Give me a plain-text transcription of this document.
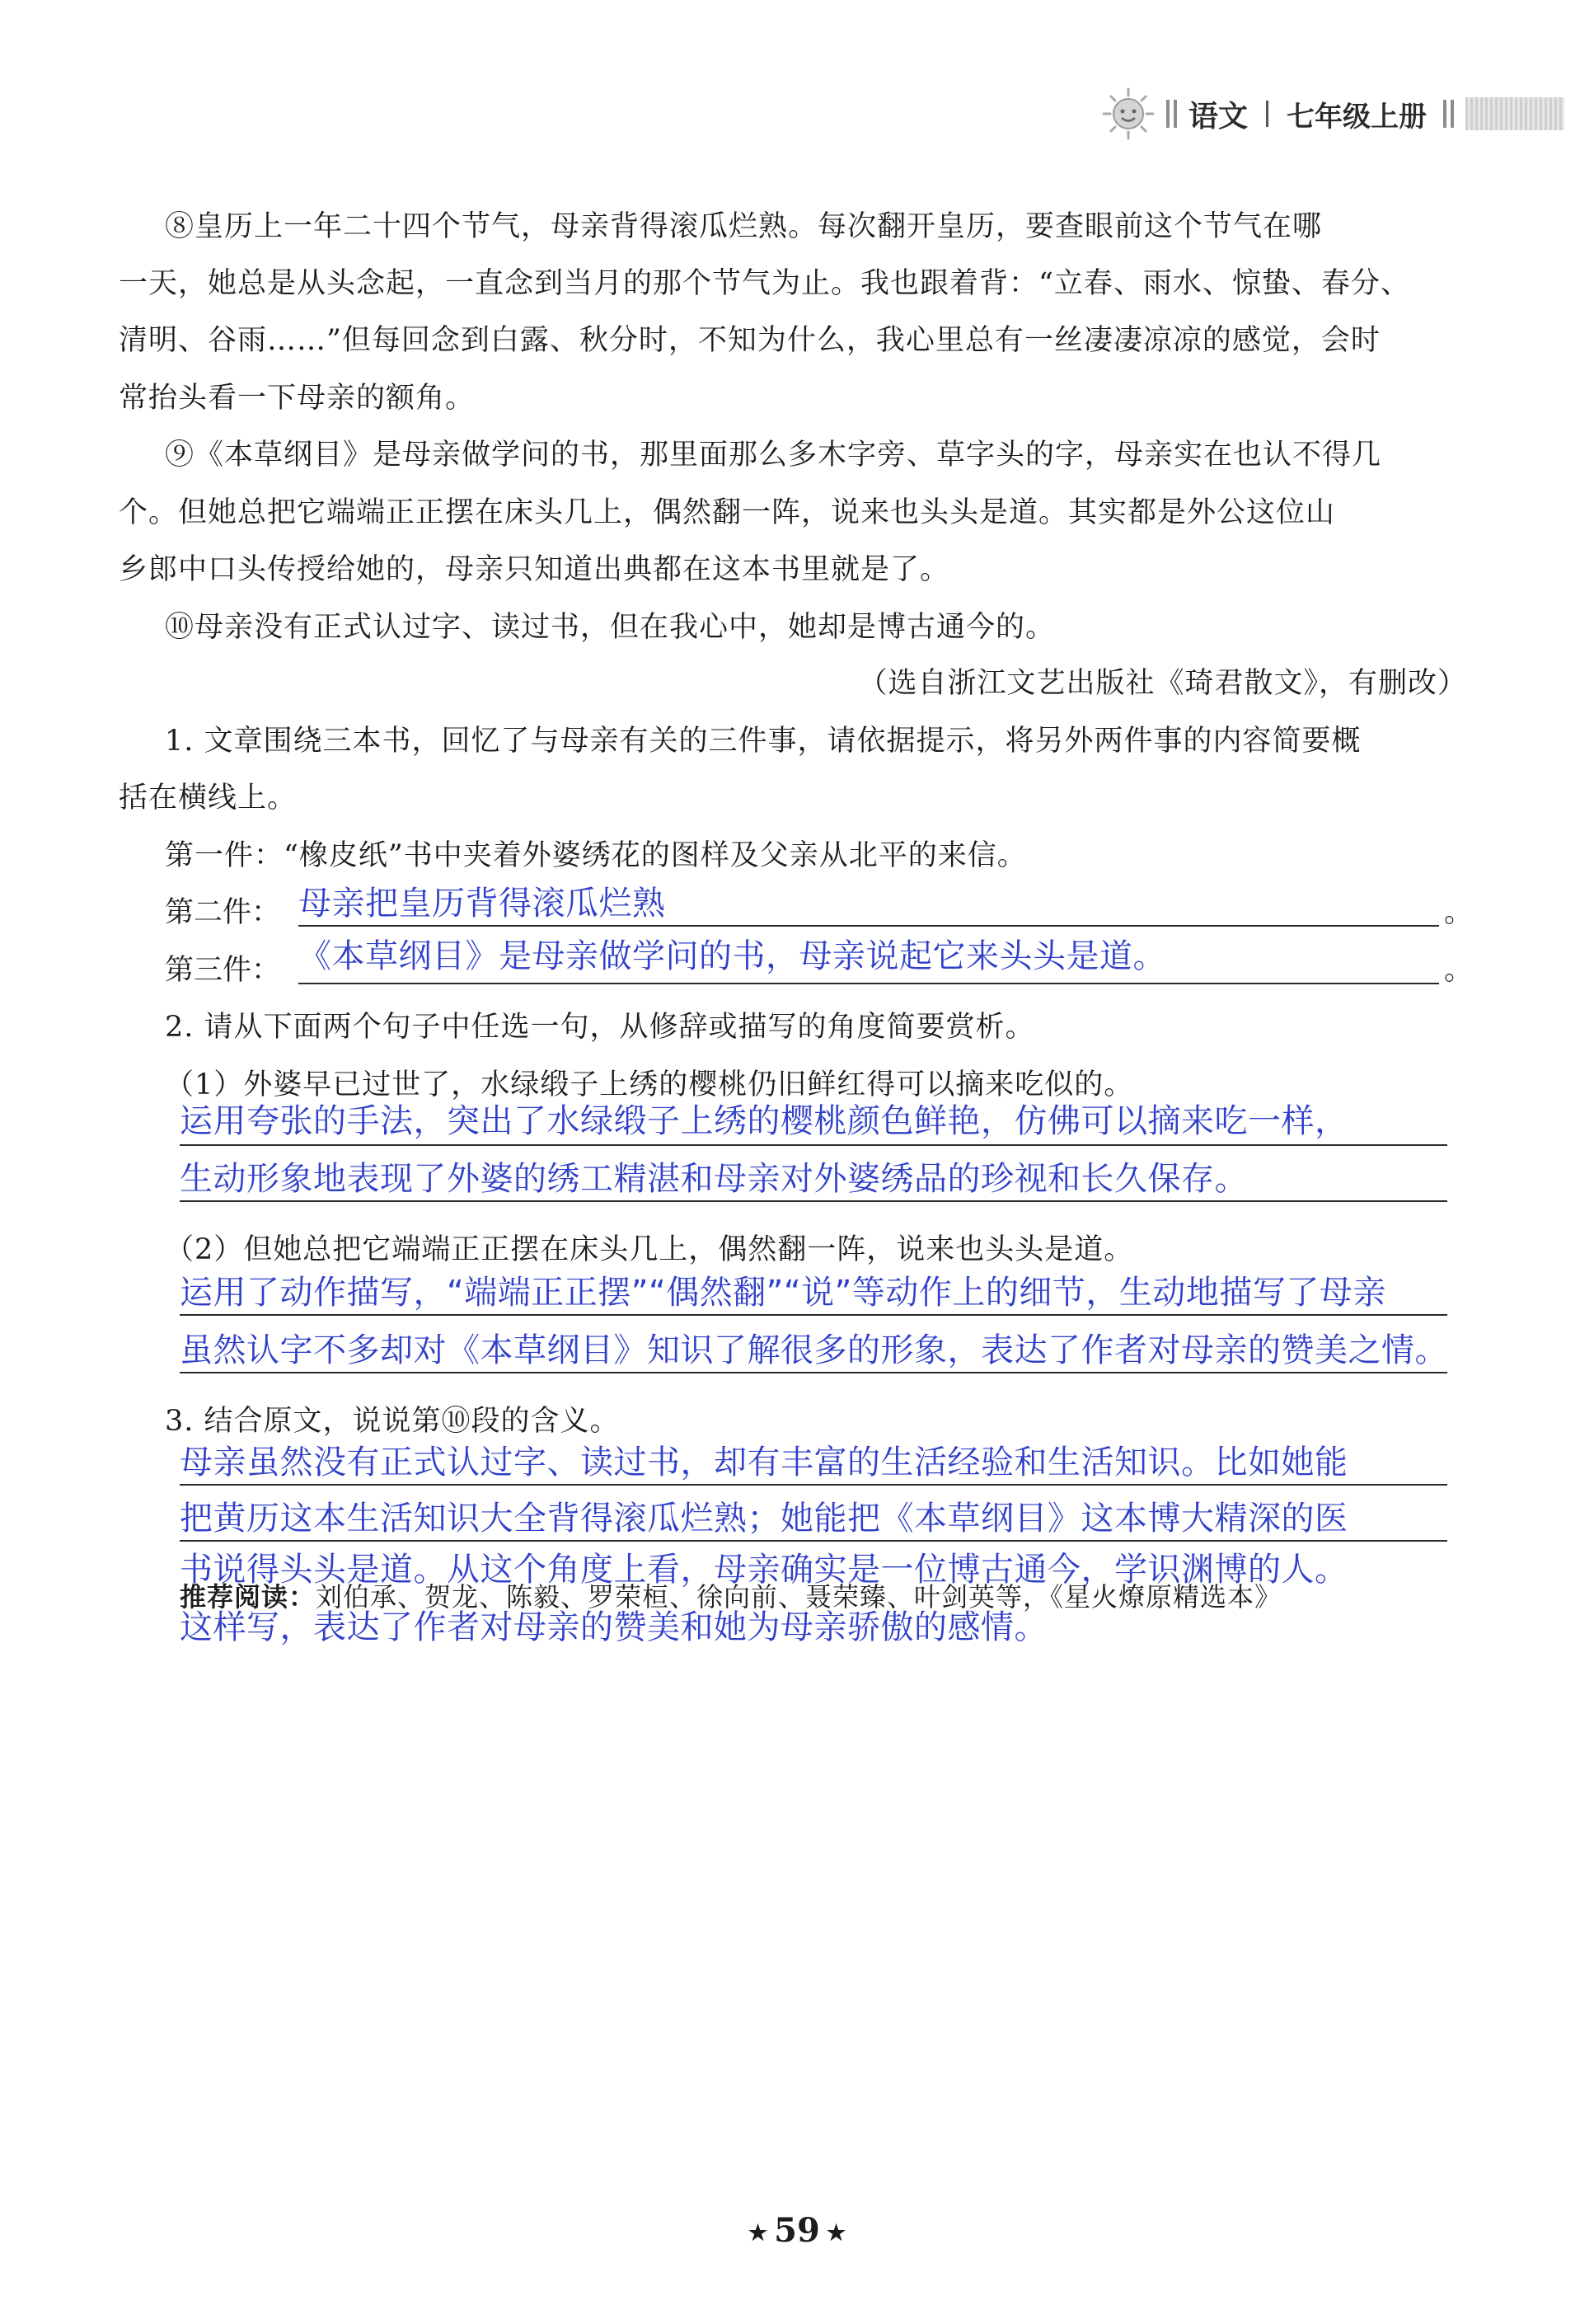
语文 七年级上册
⑧皇历上一年二十四个节气，母亲背得滚瓜烂熟。每次翻开皇历，要查眼前这个节气在哪
一天，她总是从头念起，一直念到当月的那个节气为止。我也跟着背：“立春、雨水、惊蛰、春分、
清明、谷雨……”但每回念到白露、秋分时，不知为什么，我心里总有一丝凄凄凉凉的感觉，会时
常抬头看一下母亲的额角。
⑨《本草纲目》是母亲做学问的书，那里面那么多木字旁、草字头的字，母亲实在也认不得几
个。但她总把它端端正正摆在床头几上，偶然翻一阵，说来也头头是道。其实都是外公这位山
乡郎中口头传授给她的，母亲只知道出典都在这本书里就是了。
⑩母亲没有正式认过字、读过书，但在我心中，她却是博古通今的。
（选自浙江文艺出版社《琦君散文》，有删改）
1. 文章围绕三本书，回忆了与母亲有关的三件事，请依据提示，将另外两件事的内容简要概
括在横线上。
第一件：“橡皮纸”书中夹着外婆绣花的图样及父亲从北平的来信。
第二件： 母亲把皇历背得滚瓜烂熟	。
第三件： 《本草纲目》是母亲做学问的书，母亲说起它来头头是道。	。
2. 请从下面两个句子中任选一句，从修辞或描写的角度简要赏析。
（1）外婆早已过世了，水绿缎子上绣的樱桃仍旧鲜红得可以摘来吃似的。
运用夸张的手法，突出了水绿缎子上绣的樱桃颜色鲜艳，仿佛可以摘来吃一样，
生动形象地表现了外婆的绣工精湛和母亲对外婆绣品的珍视和长久保存。
（2）但她总把它端端正正摆在床头几上，偶然翻一阵，说来也头头是道。
运用了动作描写，“端端正正摆”“偶然翻”“说”等动作上的细节，生动地描写了母亲
虽然认字不多却对《本草纲目》知识了解很多的形象，表达了作者对母亲的赞美之情。
3. 结合原文，说说第⑩段的含义。
母亲虽然没有正式认过字、读过书，却有丰富的生活经验和生活知识。比如她能
把黄历这本生活知识大全背得滚瓜烂熟；她能把《本草纲目》这本博大精深的医
书说得头头是道。从这个角度上看，母亲确实是一位博古通今，学识渊博的人。
推荐阅读：刘伯承、贺龙、陈毅、罗荣桓、徐向前、聂荣臻、叶剑英等，《星火燎原精选本》
这样写，表达了作者对母亲的赞美和她为母亲骄傲的感情。
★ 59 ★
